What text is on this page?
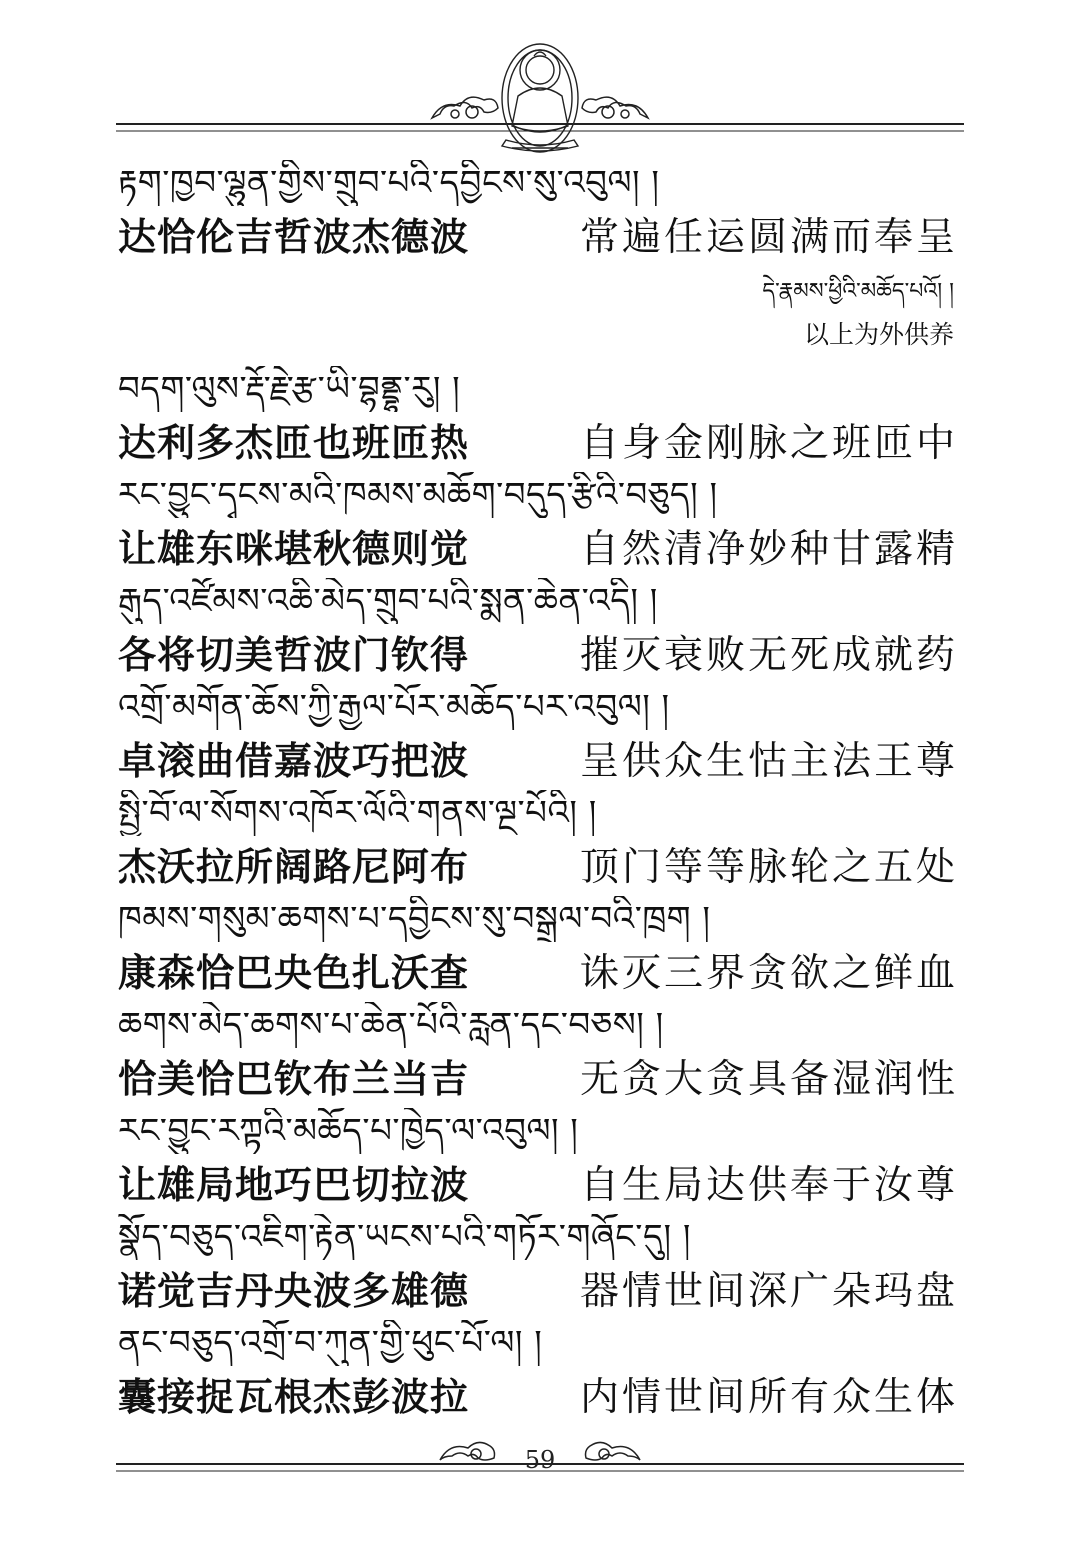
རྟག་ཁྱབ་ལྷུན་གྱིས་གྲུབ་པའི་དབྱིངས་སུ་འབུལ། །
达恰伦吉哲波杰德波	常遍任运圆满而奉呈
དེ་རྣམས་ཕྱིའི་མཆོད་པའོ། །
以上为外供养
བདག་ལུས་རྡོ་རྗེ་རྩ་ཡི་བྷནྡྷ་རུ། །
达利多杰匝也班匝热	自身金刚脉之班匝中
རང་བྱུང་དྭངས་མའི་ཁམས་མཆོག་བདུད་རྩིའི་བཅུད། །
让雄东咪堪秋德则觉	自然清净妙种甘露精
རྒུད་འཛོམས་འཆི་མེད་གྲུབ་པའི་སྨན་ཆེན་འདི། །
各将切美哲波门钦得	摧灭衰败无死成就药
འགྲོ་མགོན་ཆོས་ཀྱི་རྒྱལ་པོར་མཆོད་པར་འབུལ། །
卓滚曲借嘉波巧把波	呈供众生怙主法王尊
སྤྱི་བོ་ལ་སོགས་འཁོར་ལོའི་གནས་ལྔ་པོའི། །
杰沃拉所阔路尼阿布	顶门等等脉轮之五处
ཁམས་གསུམ་ཆགས་པ་དབྱིངས་སུ་བསྒྲལ་བའི་ཁྲག །
康森恰巴央色扎沃查	诛灭三界贪欲之鲜血
ཆགས་མེད་ཆགས་པ་ཆེན་པོའི་རླན་དང་བཅས། །
恰美恰巴钦布兰当吉	无贪大贪具备湿润性
རང་བྱུང་རཀྟའི་མཆོད་པ་ཁྱེད་ལ་འབུལ། །
让雄局地巧巴切拉波	自生局达供奉于汝尊
སྣོད་བཅུད་འཇིག་རྟེན་ཡངས་པའི་གཏོར་གཞོང་དུ། །
诺觉吉丹央波多雄德	器情世间深广朵玛盘
ནང་བཅུད་འགྲོ་བ་ཀུན་གྱི་ཕུང་པོ་ལ། །
囊接捉瓦根杰彭波拉	内情世间所有众生体
59
